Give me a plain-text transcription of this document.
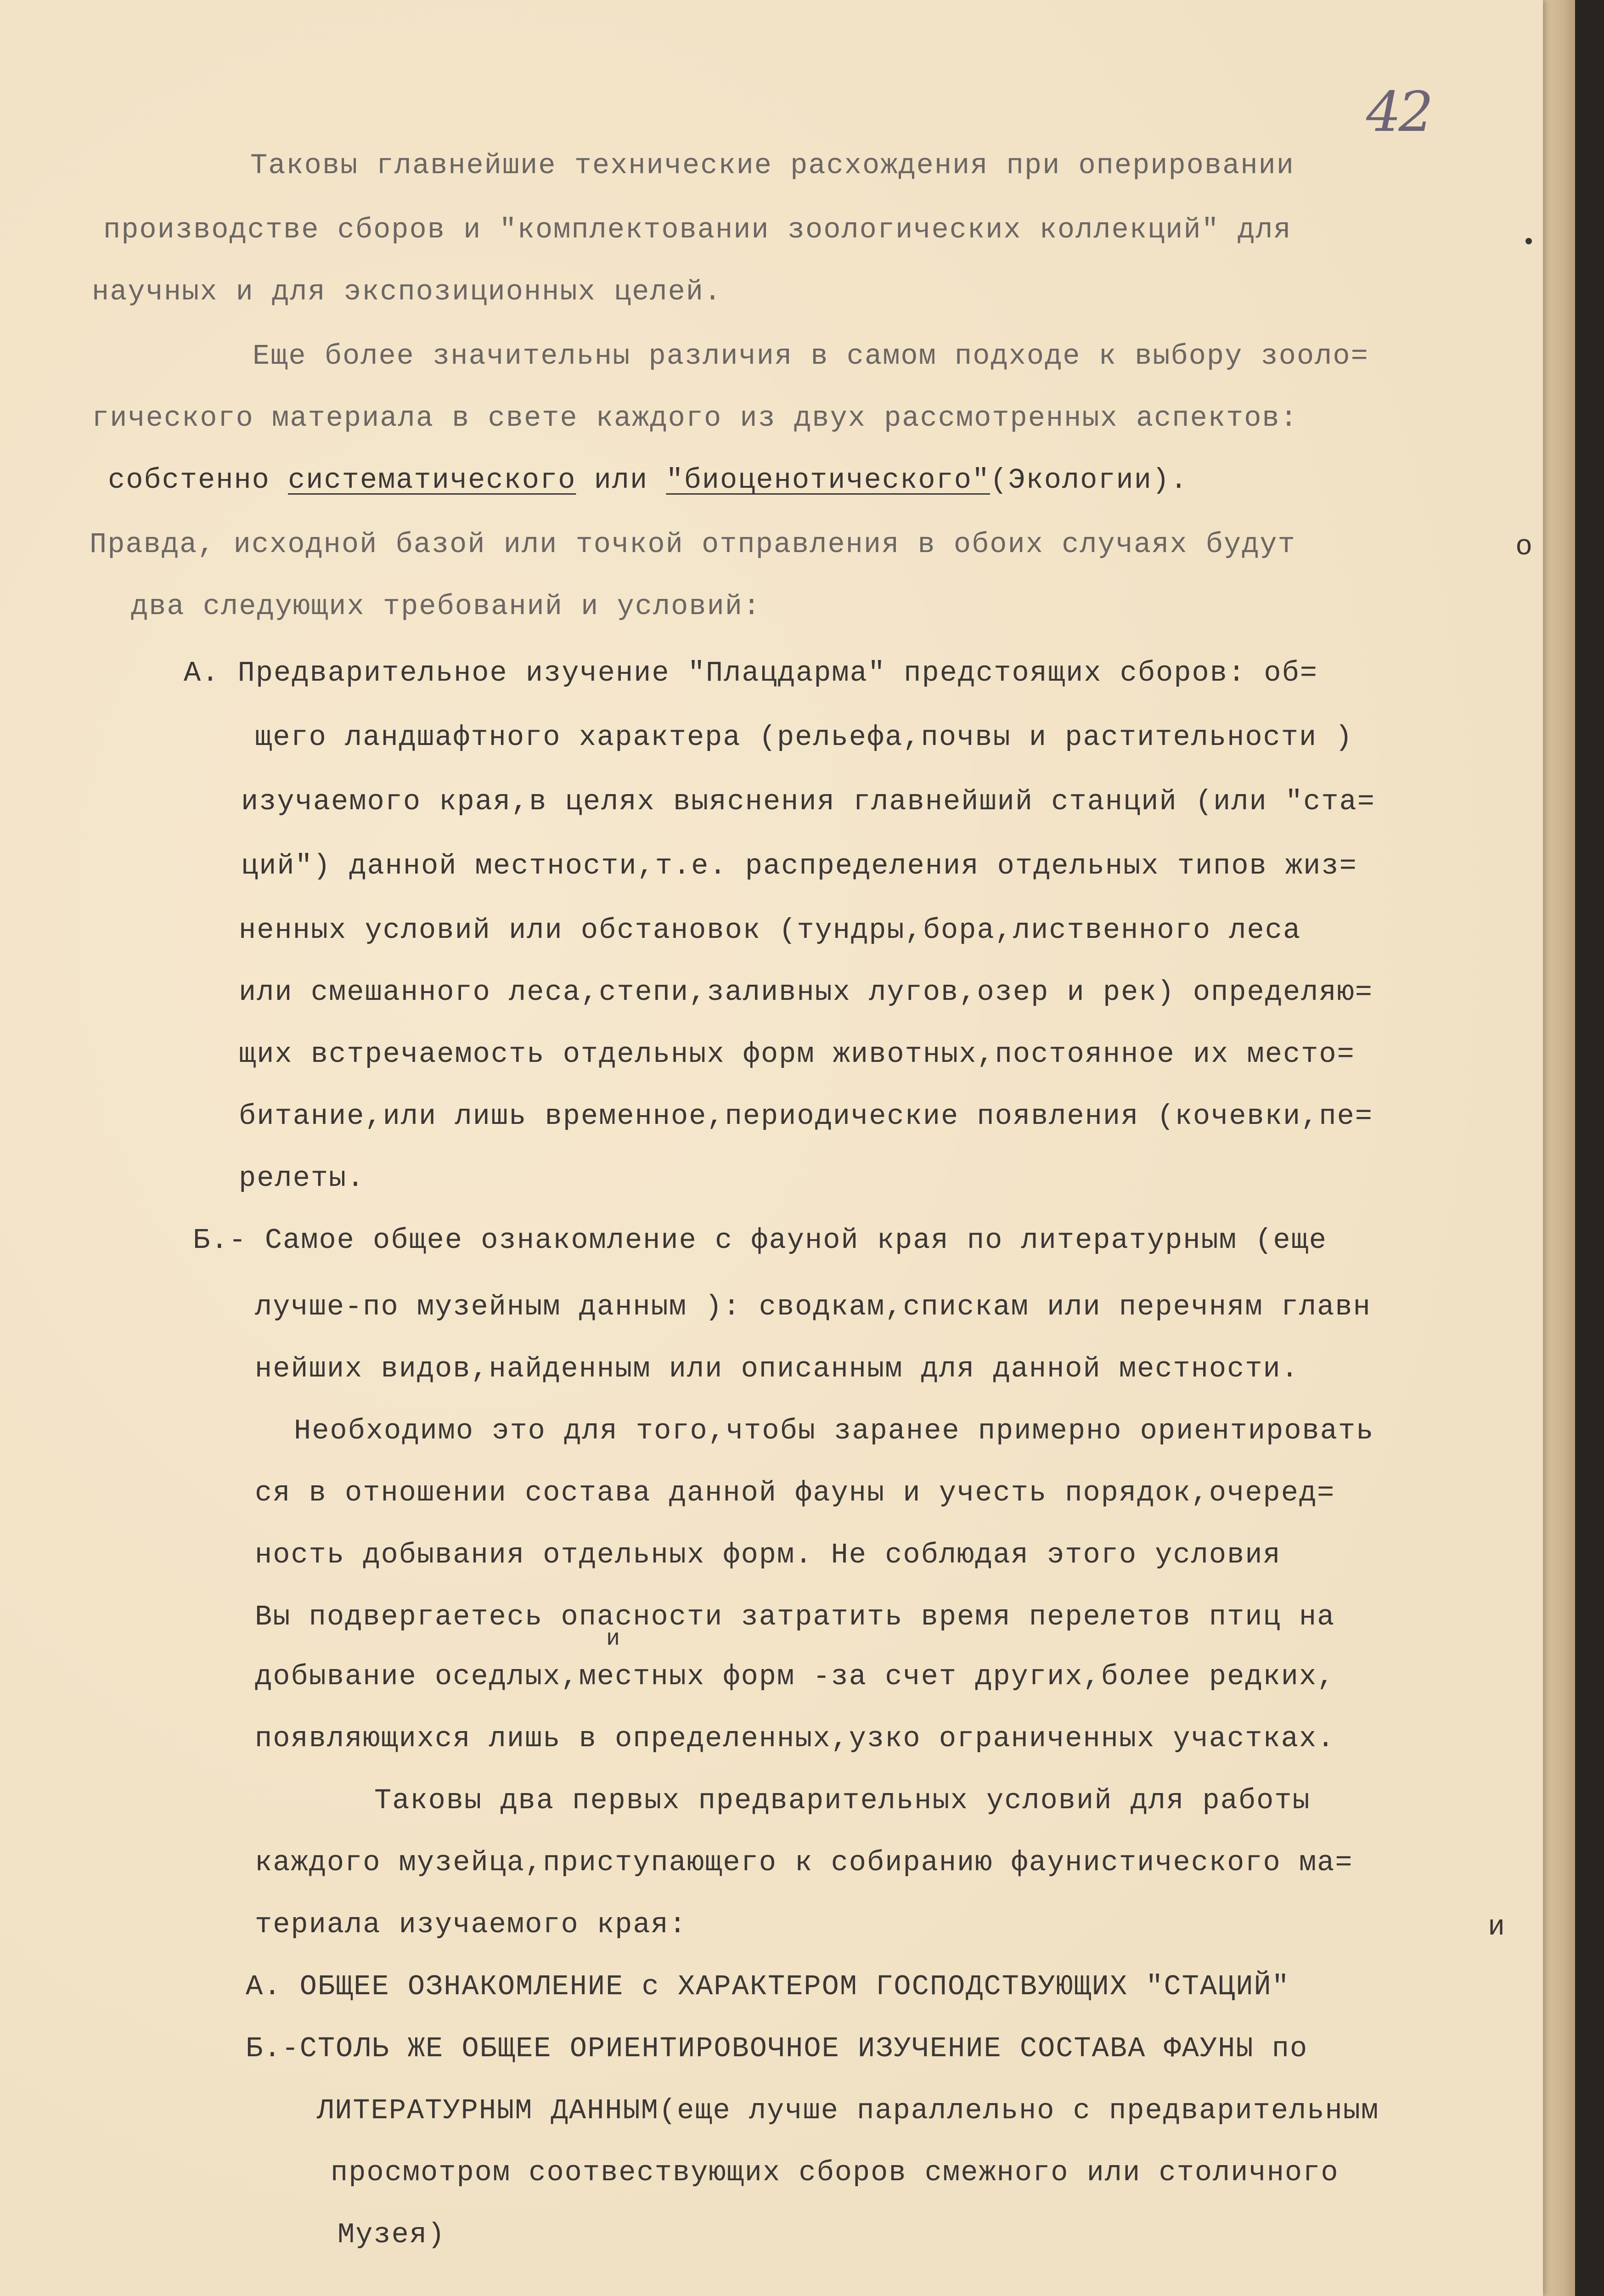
42
Таковы главнейшие технические расхождения при оперировании
производстве сборов и "комплектовании зоологических коллекций" для
научных и для экспозиционных целей.
Еще более значительны различия в самом подходе к выбору зооло=
гического материала в свете каждого из двух рассмотренных аспектов:
собстенно систематического или "биоценотического"(Экологии).
Правда, исходной базой или точкой отправления в обоих случаях будут
два следующих требований и условий:
А. Предварительное изучение "Плацдарма" предстоящих сборов: об=
щего ландшафтного характера (рельефа,почвы и растительности )
изучаемого края,в целях выяснения главнейший станций (или "ста=
ций") данной местности,т.е. распределения отдельных типов жиз=
ненных условий или обстановок (тундры,бора,лиственного леса
или смешанного леса,степи,заливных лугов,озер и рек) определяю=
щих встречаемость отдельных форм животных,постоянное их место=
битание,или лишь временное,периодические появления (кочевки,пе=
релеты.
Б.- Самое общее ознакомление с фауной края по литературным (еще
лучше-по музейным данным ): сводкам,спискам или перечням главн
нейших видов,найденным или описанным для данной местности.
Необходимо это для того,чтобы заранее примерно ориентировать
ся в отношении состава данной фауны и учесть порядок,очеред=
ность добывания отдельных форм. Не соблюдая этого условия
Вы подвергаетесь опасности затратить время перелетов птиц на
и
добывание оседлых,местных форм -за счет других,более редких,
появляющихся лишь в определенных,узко ограниченных участках.
Таковы два первых предварительных условий для работы
каждого музейца,приступающего к собиранию фаунистического ма=
териала изучаемого края:
А. ОБЩЕЕ ОЗНАКОМЛЕНИЕ с ХАРАКТЕРОМ ГОСПОДСТВУЮЩИХ "СТАЦИЙ"
Б.-СТОЛЬ ЖЕ ОБЩЕЕ ОРИЕНТИРОВОЧНОЕ ИЗУЧЕНИЕ СОСТАВА ФАУНЫ по
ЛИТЕРАТУРНЫМ ДАННЫМ(еще лучше параллельно с предварительным
просмотром соотвествующих сборов смежного или столичного
Музея)
о
и
